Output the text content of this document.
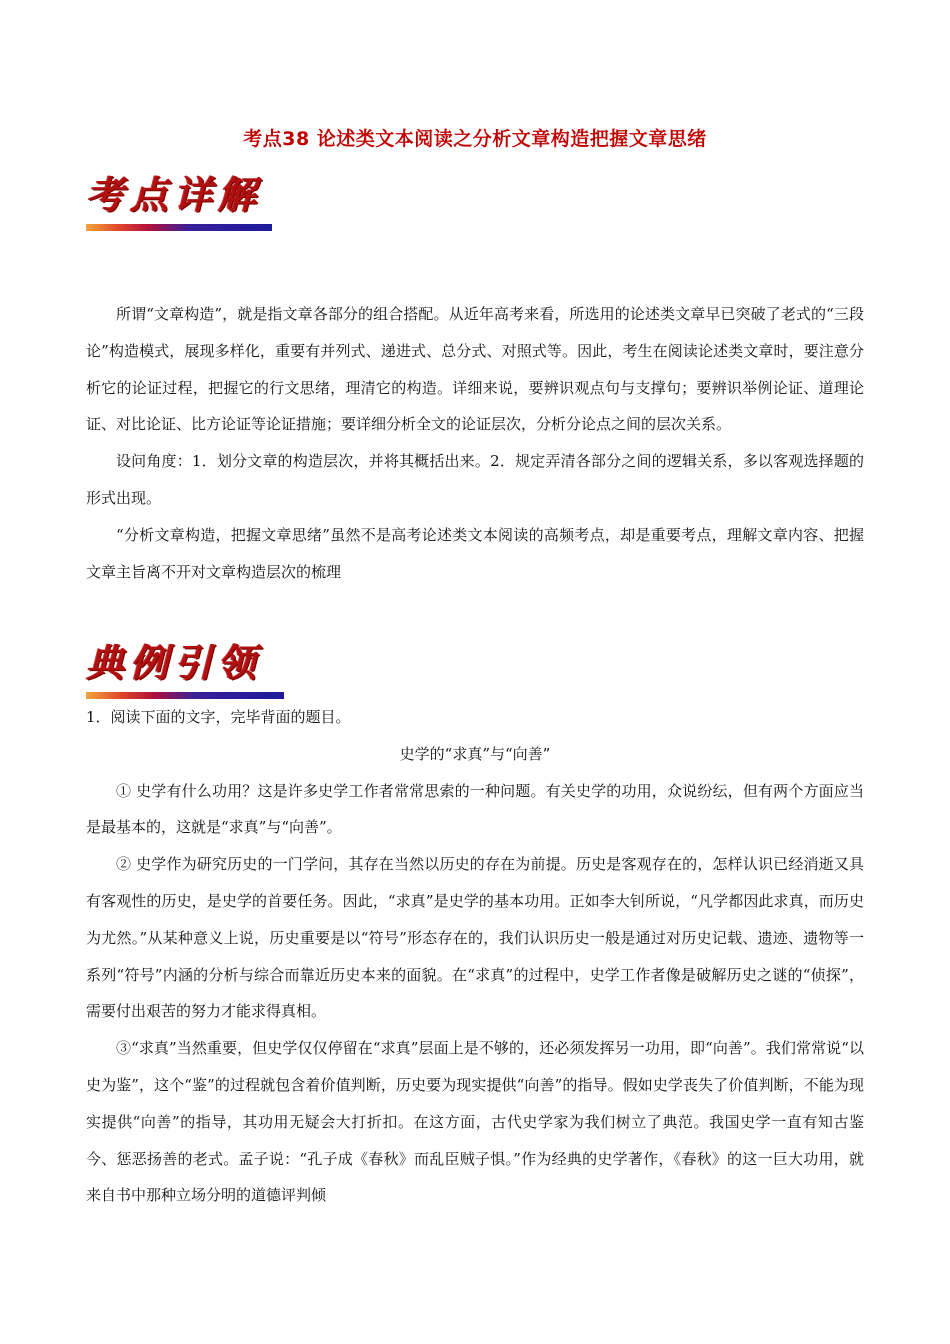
考点38 论述类文本阅读之分析文章构造把握文章思绪
考点详解

所谓“文章构造”，就是指文章各部分的组合搭配。从近年高考来看，所选用的论述类文章早已突破了老式的“三段论”构造模式，展现多样化，重要有并列式、递进式、总分式、对照式等。因此，考生在阅读论述类文章时，要注意分析它的论证过程，把握它的行文思绪，理清它的构造。详细来说，要辨识观点句与支撑句；要辨识举例论证、道理论证、对比论证、比方论证等论证措施；要详细分析全文的论证层次，分析分论点之间的层次关系。

设问角度：1．划分文章的构造层次，并将其概括出来。2．规定弄清各部分之间的逻辑关系，多以客观选择题的形式出现。

“分析文章构造，把握文章思绪”虽然不是高考论述类文本阅读的高频考点，却是重要考点，理解文章内容、把握文章主旨离不开对文章构造层次的梳理

典例引领

1．阅读下面的文字，完毕背面的题目。

史学的“求真”与“向善”

① 史学有什么功用？这是许多史学工作者常常思索的一种问题。有关史学的功用，众说纷纭，但有两个方面应当是最基本的，这就是“求真”与“向善”。

② 史学作为研究历史的一门学问，其存在当然以历史的存在为前提。历史是客观存在的，怎样认识已经消逝又具有客观性的历史，是史学的首要任务。因此，“求真”是史学的基本功用。正如李大钊所说，“凡学都因此求真，而历史为尤然。”从某种意义上说，历史重要是以“符号”形态存在的，我们认识历史一般是通过对历史记载、遗迹、遗物等一系列“符号”内涵的分析与综合而靠近历史本来的面貌。在“求真”的过程中，史学工作者像是破解历史之谜的“侦探”，需要付出艰苦的努力才能求得真相。

③“求真”当然重要，但史学仅仅停留在“求真”层面上是不够的，还必须发挥另一功用，即“向善”。我们常常说“以史为鉴”，这个“鉴”的过程就包含着价值判断，历史要为现实提供“向善”的指导。假如史学丧失了价值判断，不能为现实提供“向善”的指导，其功用无疑会大打折扣。在这方面，古代史学家为我们树立了典范。我国史学一直有知古鉴今、惩恶扬善的老式。孟子说：“孔子成《春秋》而乱臣贼子惧。”作为经典的史学著作，《春秋》的这一巨大功用，就来自书中那种立场分明的道德评判倾
